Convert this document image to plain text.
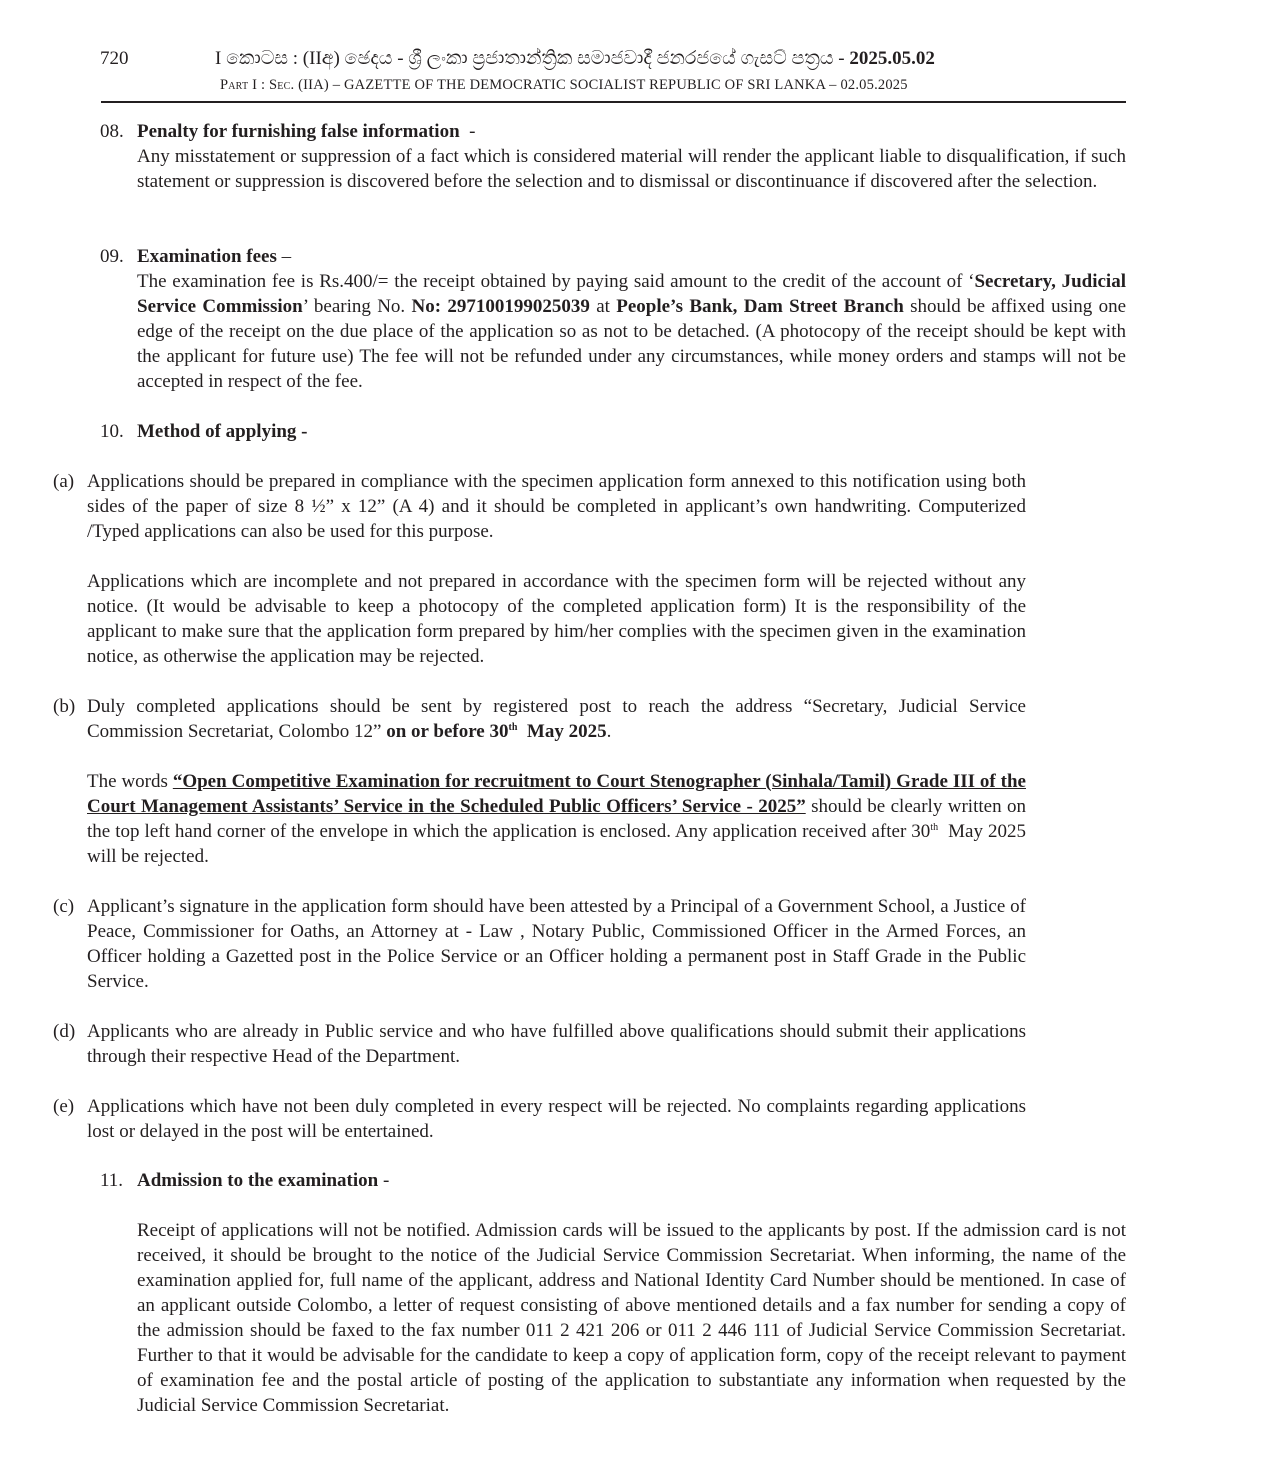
720	I කොටස : (IIඅ) ඡෙදය - ශ්‍රී ලංකා ප්‍රජාතාන්ත්‍රික සමාජවාදී ජනරජයේ ගැසට් පත්‍රය - 2025.05.02
Part I : Sec. (IIA) – GAZETTE OF THE DEMOCRATIC SOCIALIST REPUBLIC OF SRI LANKA – 02.05.2025
08. Penalty for furnishing false information  -
Any misstatement or suppression of a fact which is considered material will render the applicant liable to disqualification, if such statement or suppression is discovered before the selection and to dismissal or discontinuance if discovered after the selection.
09. Examination fees –
The examination fee is Rs.400/= the receipt obtained by paying said amount to the credit of the account of ‘Secretary, Judicial Service Commission’ bearing No. No: 297100199025039 at People’s Bank, Dam Street Branch should be affixed using one edge of the receipt on the due place of the application so as not to be detached. (A photocopy of the receipt should be kept with the applicant for future use) The fee will not be refunded under any circumstances, while money orders and stamps will not be accepted in respect of the fee.
10. Method of applying -
(a) Applications should be prepared in compliance with the specimen application form annexed to this notification using both sides of the paper of size 8 ½” x 12” (A 4) and it should be completed in applicant’s own handwriting. Computerized /Typed applications can also be used for this purpose.
Applications which are incomplete and not prepared in accordance with the specimen form will be rejected without any notice. (It would be advisable to keep a photocopy of the completed application form) It is the responsibility of the applicant to make sure that the application form prepared by him/her complies with the specimen given in the examination notice, as otherwise the application may be rejected.
(b) Duly completed applications should be sent by registered post to reach the address “Secretary, Judicial Service Commission Secretariat, Colombo 12” on or before 30th  May 2025.
The words “Open Competitive Examination for recruitment to Court Stenographer (Sinhala/Tamil) Grade III of the Court Management Assistants’ Service in the Scheduled Public Officers’ Service - 2025” should be clearly written on the top left hand corner of the envelope in which the application is enclosed. Any application received after 30th  May 2025 will be rejected.
(c) Applicant’s signature in the application form should have been attested by a Principal of a Government School, a Justice of Peace, Commissioner for Oaths, an Attorney at - Law , Notary Public, Commissioned Officer in the Armed Forces, an Officer holding a Gazetted post in the Police Service or an Officer holding a permanent post in Staff Grade in the Public Service.
(d) Applicants who are already in Public service and who have fulfilled above qualifications should submit their applications through their respective Head of the Department.
(e) Applications which have not been duly completed in every respect will be rejected. No complaints regarding applications lost or delayed in the post will be entertained.
11. Admission to the examination -
Receipt of applications will not be notified. Admission cards will be issued to the applicants by post. If the admission card is not received, it should be brought to the notice of the Judicial Service Commission Secretariat. When informing, the name of the examination applied for, full name of the applicant, address and National Identity Card Number should be mentioned. In case of an applicant outside Colombo, a letter of request consisting of above mentioned details and a fax number for sending a copy of the admission should be faxed to the fax number 011 2 421 206 or 011 2 446 111 of Judicial Service Commission Secretariat. Further to that it would be advisable for the candidate to keep a copy of application form, copy of the receipt relevant to payment of examination fee and the postal article of posting of the application to substantiate any information when requested by the Judicial Service Commission Secretariat.
